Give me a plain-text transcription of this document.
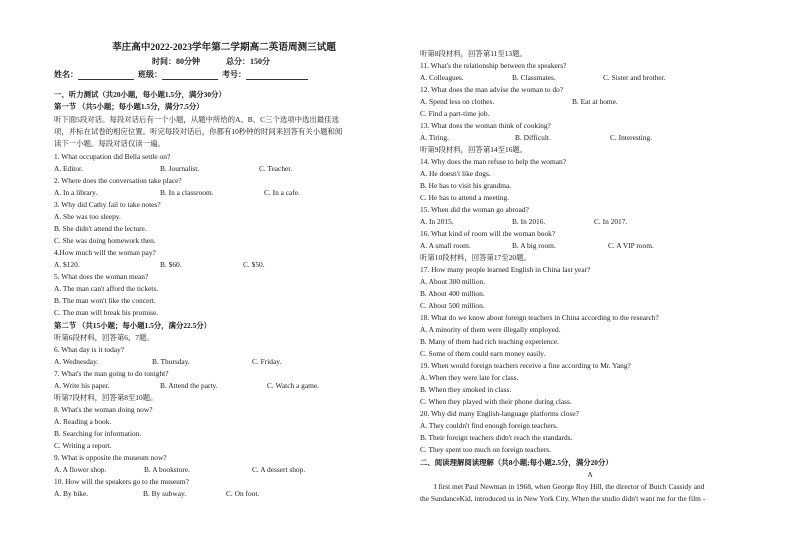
莘庄高中2022-2023学年第二学期高二英语周测三试题
时间：80分钟	总分：150分
姓名：	班级：	考号：
一、听力测试（共20小题，每小题1.5分，满分30分）
第一节 （共5小题；每小题1.5分，满分7.5分）
听下面5段对话。每段对话后有一个小题，从题中所给的A、B、C三个选项中选出最佳选
项，并标在试卷的相应位置。听完每段对话后，你都有10秒钟的时间来回答有关小题和阅
读下一小题。每段对话仅读一遍。
1. What occupation did Bella settle on?
A. Editor.	B. Journalist.	C. Teacher.
2. Where does the conversation take place?
A. In a library.	B. In a classroom.	C. In a cafe.
3. Why did Cathy fail to take notes?
A. She was too sleepy.
B. She didn't attend the lecture.
C. She was doing homework then.
4.How much will the woman pay?
A. $120.	B. $60.	C. $50.
5. What does the woman mean?
A. The man can't afford the tickets.
B. The man won't like the concert.
C. The man will break his promise.
第二节 （共15小题；每小题1.5分，满分22.5分）
听第6段材料，回答第6、7题。
6. What day is it today?
A. Wednesday.	B. Thursday.	C. Friday.
7. What's the man going to do tonight?
A. Write his paper.	B. Attend the party.	C. Watch a game.
听第7段材料，回答第8至10题。
8. What's the woman doing now?
A. Reading a book.
B. Searching for information.
C. Writing a report.
9. What is opposite the museum now?
A. A flower shop.	B. A bookstore.	C. A dessert shop.
10. How will the speakers go to the museum?
A. By bike.	B. By subway.	C. On foot.
听第8段材料，回答第11至13题。
11. What's the relationship between the speakers?
A. Colleagues.	B. Classmates.	C. Sister and brother.
12. What does the man advise the woman to do?
A. Spend less on clothes.	B. Eat at home.
C. Find a part-time job.
13. What does the woman think of cooking?
A. Tiring.	B. Difficult.	C. Interesting.
听第9段材料，回答第14至16题。
14. Why does the man refuse to help the woman?
A. He doesn't like dogs.
B. He has to visit his grandma.
C. He has to attend a meeting.
15. When did the woman go abroad?
A. In 2015.	B. In 2016.	C. In 2017.
16. What kind of room will the woman book?
A. A small room.	B. A big room.	C. A VIP room.
听第10段材料，回答第17至20题。
17. How many people learned English in China last year?
A. About 300 million.
B. About 400 million.
C. About 500 million.
18. What do we know about foreign teachers in China according to the research?
A. A minority of them were illegally employed.
B. Many of them had rich teaching experience.
C. Some of them could earn money easily.
19. When would foreign teachers receive a fine according to Mr. Yang?
A. When they were late for class.
B. When they smoked in class.
C. When they played with their phone during class.
20. Why did many English-language platforms close?
A. They couldn't find enough foreign teachers.
B. Their foreign teachers didn't reach the standards.
C. They spent too much on foreign teachers.
二、阅读理解阅读理解（共8小题;每小题2.5分，满分20分）
A
I first met Paul Newman in 1968, when George Roy Hill, the director of Butch Cassidy and
the SundanceKid, introduced us in New York City. When the studio didn't want me for the film -
